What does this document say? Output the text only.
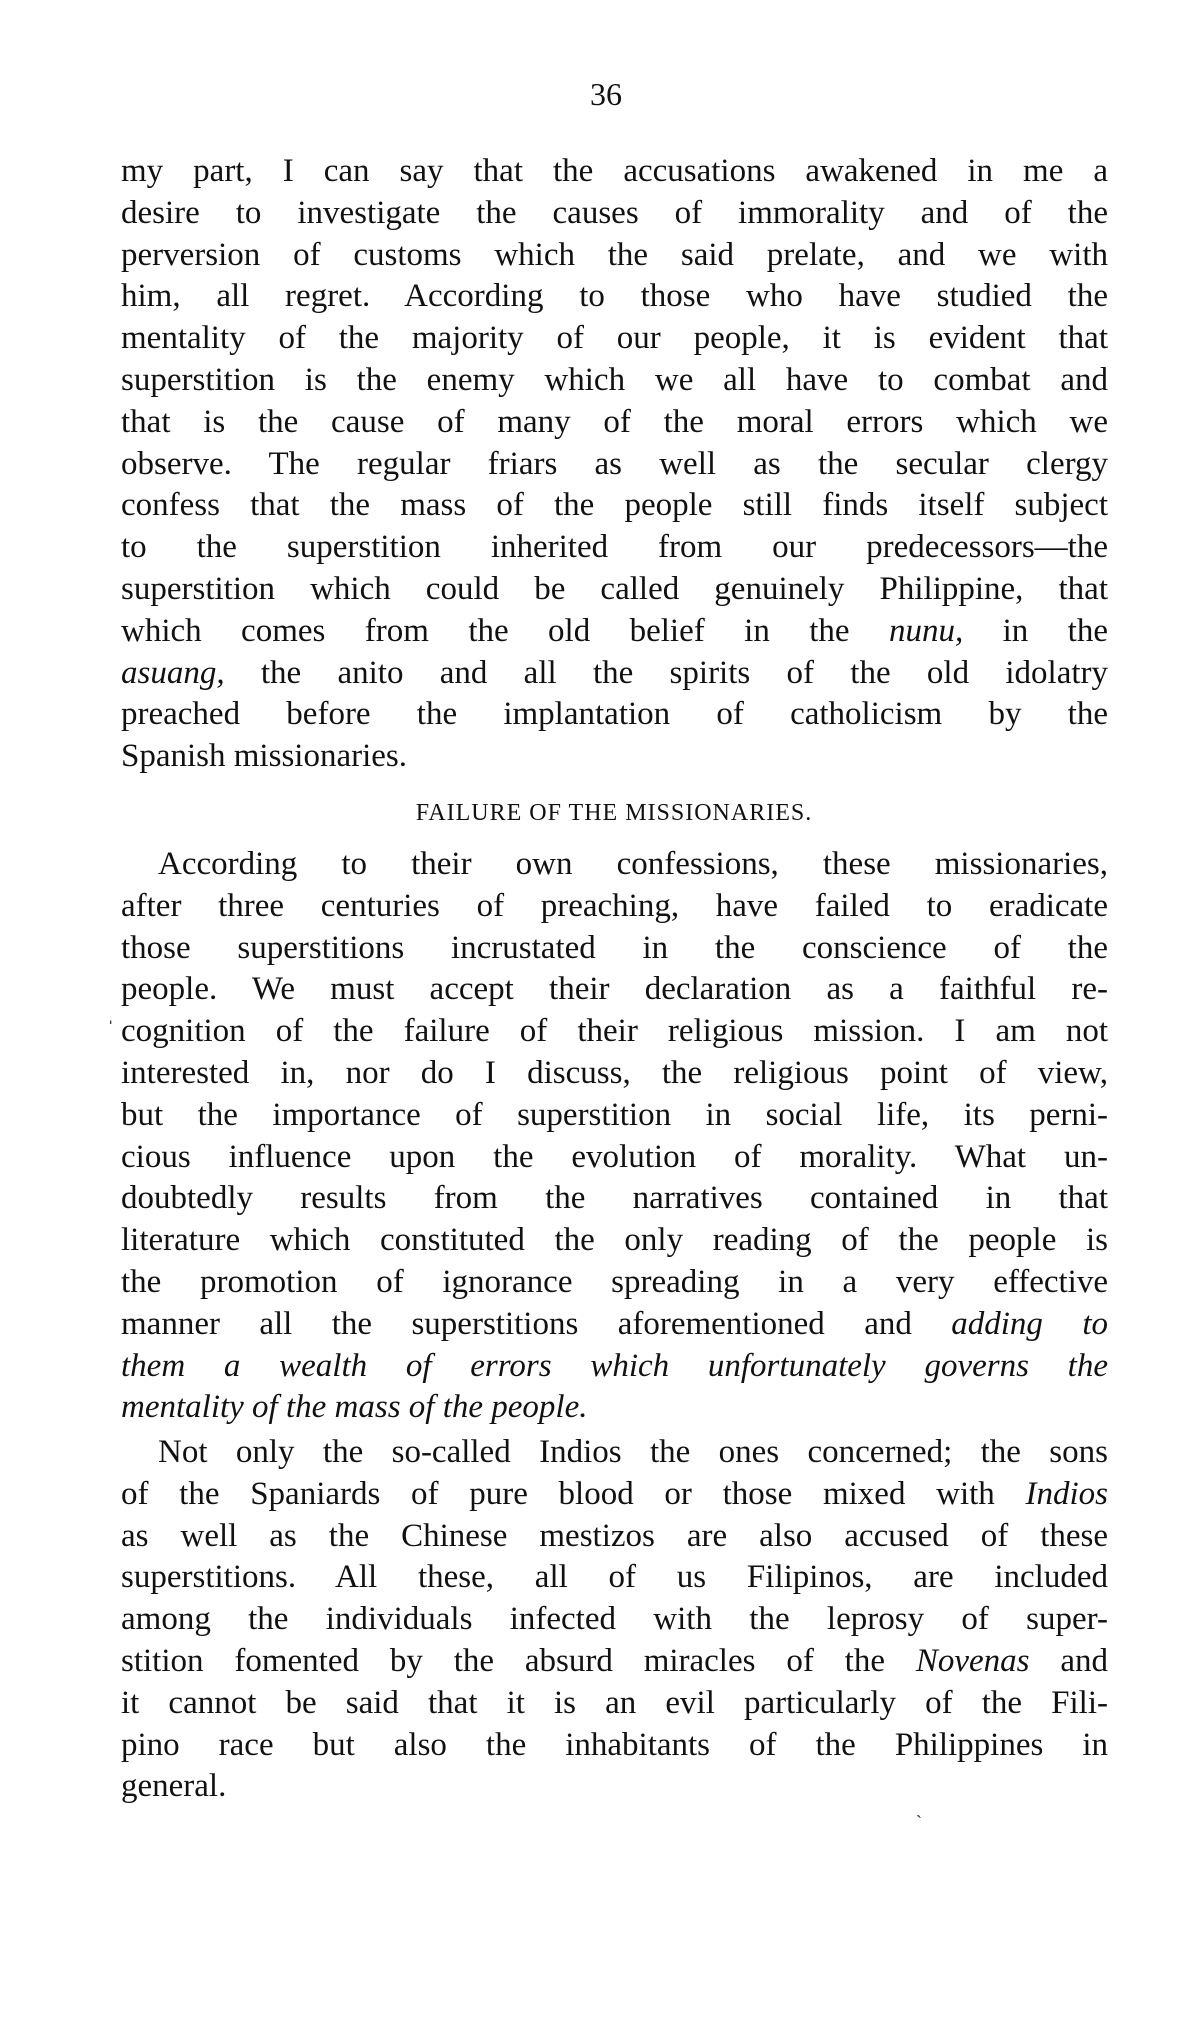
36
my part, I can say that the accusations awakened in me a
desire to investigate the causes of immorality and of the
perversion of customs which the said prelate, and we with
him, all regret. According to those who have studied the
mentality of the majority of our people, it is evident that
superstition is the enemy which we all have to combat and
that is the cause of many of the moral errors which we
observe. The regular friars as well as the secular clergy
confess that the mass of the people still finds itself subject
to the superstition inherited from our predecessors—the
superstition which could be called genuinely Philippine, that
which comes from the old belief in the nunu, in the
asuang, the anito and all the spirits of the old idolatry
preached before the implantation of catholicism by the
Spanish missionaries.
FAILURE OF THE MISSIONARIES.
According to their own confessions, these missionaries,
after three centuries of preaching, have failed to eradicate
those superstitions incrustated in the conscience of the
people. We must accept their declaration as a faithful re-
cognition of the failure of their religious mission. I am not
interested in, nor do I discuss, the religious point of view,
but the importance of superstition in social life, its perni-
cious influence upon the evolution of morality. What un-
doubtedly results from the narratives contained in that
literature which constituted the only reading of the people is
the promotion of ignorance spreading in a very effective
manner all the superstitions aforementioned and adding to
them a wealth of errors which unfortunately governs the
mentality of the mass of the people.
Not only the so-called Indios the ones concerned; the sons
of the Spaniards of pure blood or those mixed with Indios
as well as the Chinese mestizos are also accused of these
superstitions. All these, all of us Filipinos, are included
among the individuals infected with the leprosy of super-
stition fomented by the absurd miracles of the Novenas and
it cannot be said that it is an evil particularly of the Fili-
pino race but also the inhabitants of the Philippines in
general.
ˈ
ˎ
